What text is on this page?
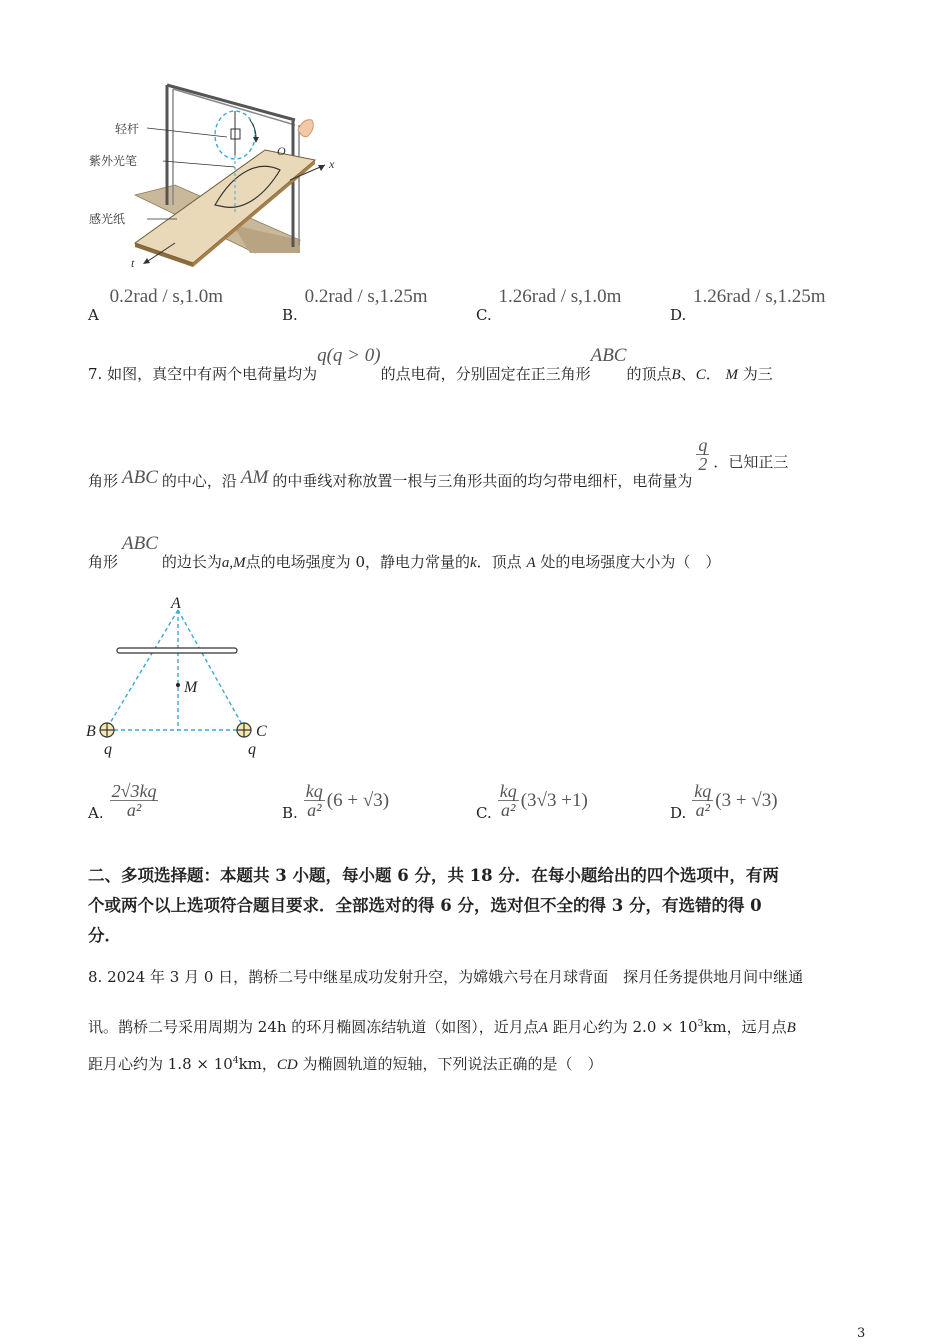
轻杆
紫外光笔
感光纸
O
x
t
A 0.2rad / s,1.0m
B. 0.2rad / s,1.25m
C. 1.26rad / s,1.0m
D. 1.26rad / s,1.25m
7. 如图，真空中有两个电荷量均为q(q > 0)的点电荷，分别固定在正三角形ABC的顶点B、C． M 为三
角形 ABC 的中心，沿 AM 的中垂线对称放置一根与三角形共面的均匀带电细杆，电荷量为
$\frac{q}{2}$ ．已知正三
角形ABC的边长为a,M点的电场强度为 0，静电力常量的k．顶点 A 处的电场强度大小为（　）
A
M
B	C
q	q
A. $\frac{2√3kq}{\text{a²}}$	B. $\frac{kq}{\text{a²}} (6 + √3)$
C. $\frac{kq}{\text{a²}} (3√3 +1)$
D. $\frac{kq}{\text{a²}} (3 + √3)$
二、多项选择题：本题共 3 小题，每小题 6 分，共 18 分．在每小题给出的四个选项中，有两
个或两个以上选项符合题目要求．全部选对的得 6 分，选对但不全的得 3 分，有选错的得 0
分．
8. 2024 年 3 月 0 日，鹊桥二号中继星成功发射升空，为嫦娥六号在月球背面　探月任务提供地月间中继通
讯。鹊桥二号采用周期为 24h 的环月椭圆冻结轨道（如图），近月点A 距月心约为 $2.0 \times 10^3km$，远月点B
距月心约为 $1.8 \times 10^4km$，CD 为椭圆轨道的短轴，下列说法正确的是（　）
3
